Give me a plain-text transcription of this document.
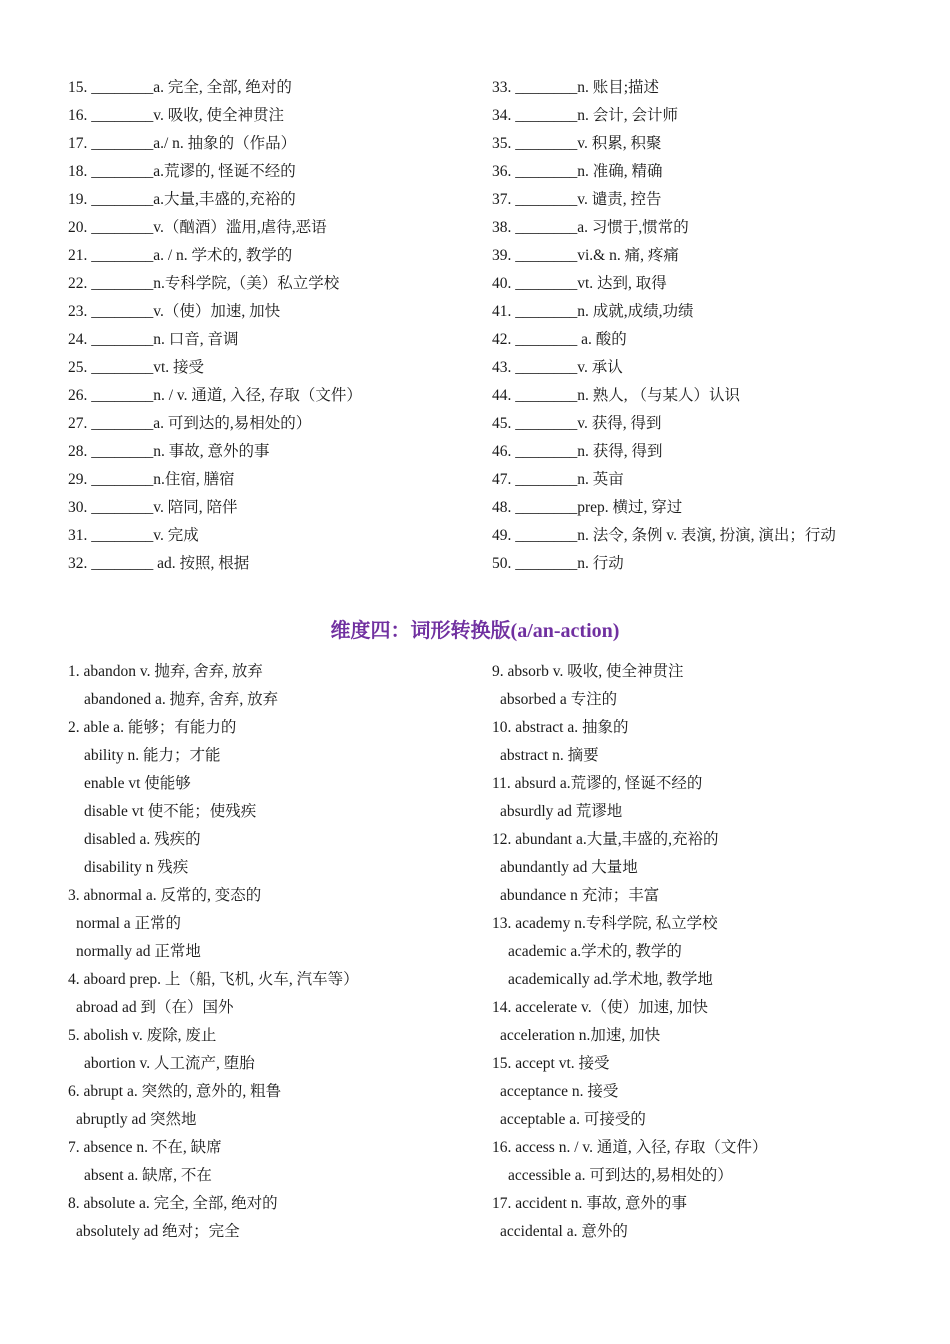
15. ________a. 完全, 全部, 绝对的
16. ________v. 吸收, 使全神贯注
17. ________a./ n. 抽象的（作品）
18. ________a.荒谬的, 怪诞不经的
19. ________a.大量,丰盛的,充裕的
20. ________v.（酗酒）滥用,虐待,恶语
21. ________a. / n. 学术的, 教学的
22. ________n.专科学院,（美）私立学校
23. ________v.（使）加速, 加快
24. ________n. 口音, 音调
25. ________vt. 接受
26. ________n. / v. 通道, 入径, 存取（文件）
27. ________a. 可到达的,易相处的）
28. ________n. 事故, 意外的事
29. ________n.住宿, 膳宿
30. ________v. 陪同, 陪伴
31. ________v. 完成
32. ________ ad. 按照, 根据
33. ________n. 账目;描述
34. ________n. 会计, 会计师
35. ________v. 积累, 积聚
36. ________n. 准确, 精确
37. ________v. 谴责, 控告
38. ________a. 习惯于,惯常的
39. ________vi.& n. 痛, 疼痛
40. ________vt. 达到, 取得
41. ________n. 成就,成绩,功绩
42. ________ a. 酸的
43. ________v. 承认
44. ________n. 熟人, （与某人）认识
45. ________v. 获得, 得到
46. ________n. 获得, 得到
47. ________n. 英亩
48. ________prep. 横过, 穿过
49. ________n. 法令, 条例 v. 表演, 扮演, 演出；行动
50. ________n. 行动
维度四：词形转换版(a/an-action)
1. abandon v. 抛弃, 舍弃, 放弃
abandoned a. 抛弃, 舍弃, 放弃
2. able a. 能够；有能力的
ability n. 能力；才能
enable vt 使能够
disable vt 使不能；使残疾
disabled a. 残疾的
disability n 残疾
3. abnormal a. 反常的, 变态的
normal a 正常的
normally ad 正常地
4. aboard prep. 上（船, 飞机, 火车, 汽车等）
abroad ad 到（在）国外
5. abolish v. 废除, 废止
abortion v. 人工流产, 堕胎
6. abrupt a. 突然的, 意外的, 粗鲁
abruptly ad 突然地
7. absence n. 不在, 缺席
absent a. 缺席, 不在
8. absolute a. 完全, 全部, 绝对的
absolutely ad 绝对；完全
9. absorb v. 吸收, 使全神贯注
absorbed a 专注的
10. abstract a. 抽象的
abstract n. 摘要
11. absurd a.荒谬的, 怪诞不经的
absurdly ad 荒谬地
12. abundant a.大量,丰盛的,充裕的
abundantly ad 大量地
abundance n 充沛；丰富
13. academy n.专科学院, 私立学校
academic a.学术的, 教学的
academically ad.学术地, 教学地
14. accelerate v.（使）加速, 加快
acceleration n.加速, 加快
15. accept vt. 接受
acceptance n. 接受
acceptable a. 可接受的
16. access n. / v. 通道, 入径, 存取（文件）
accessible a. 可到达的,易相处的）
17. accident n. 事故, 意外的事
accidental a. 意外的
